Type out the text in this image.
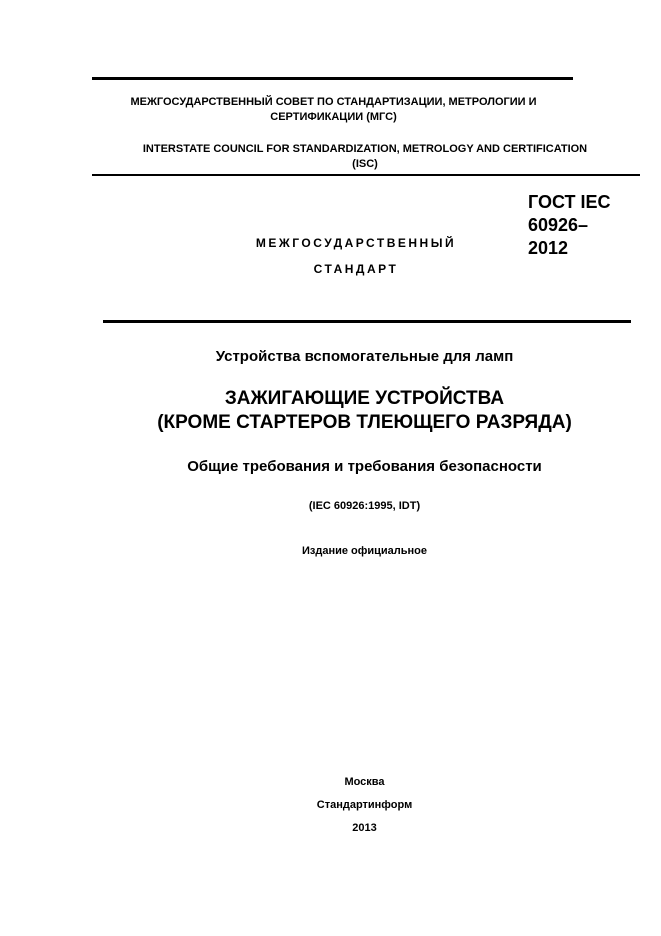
МЕЖГОСУДАРСТВЕННЫЙ СОВЕТ ПО СТАНДАРТИЗАЦИИ, МЕТРОЛОГИИ И
СЕРТИФИКАЦИИ (МГС)
INTERSTATE COUNCIL FOR STANDARDIZATION, METROLOGY AND CERTIFICATION
(ISC)
МЕЖГОСУДАРСТВЕННЫЙ
СТАНДАРТ
ГОСТ IEC
60926–
2012
Устройства вспомогательные для ламп
ЗАЖИГАЮЩИЕ УСТРОЙСТВА
(КРОМЕ СТАРТЕРОВ ТЛЕЮЩЕГО РАЗРЯДА)
Общие требования и требования безопасности
(IEC 60926:1995, IDT)
Издание официальное
Москва
Стандартинформ
2013
